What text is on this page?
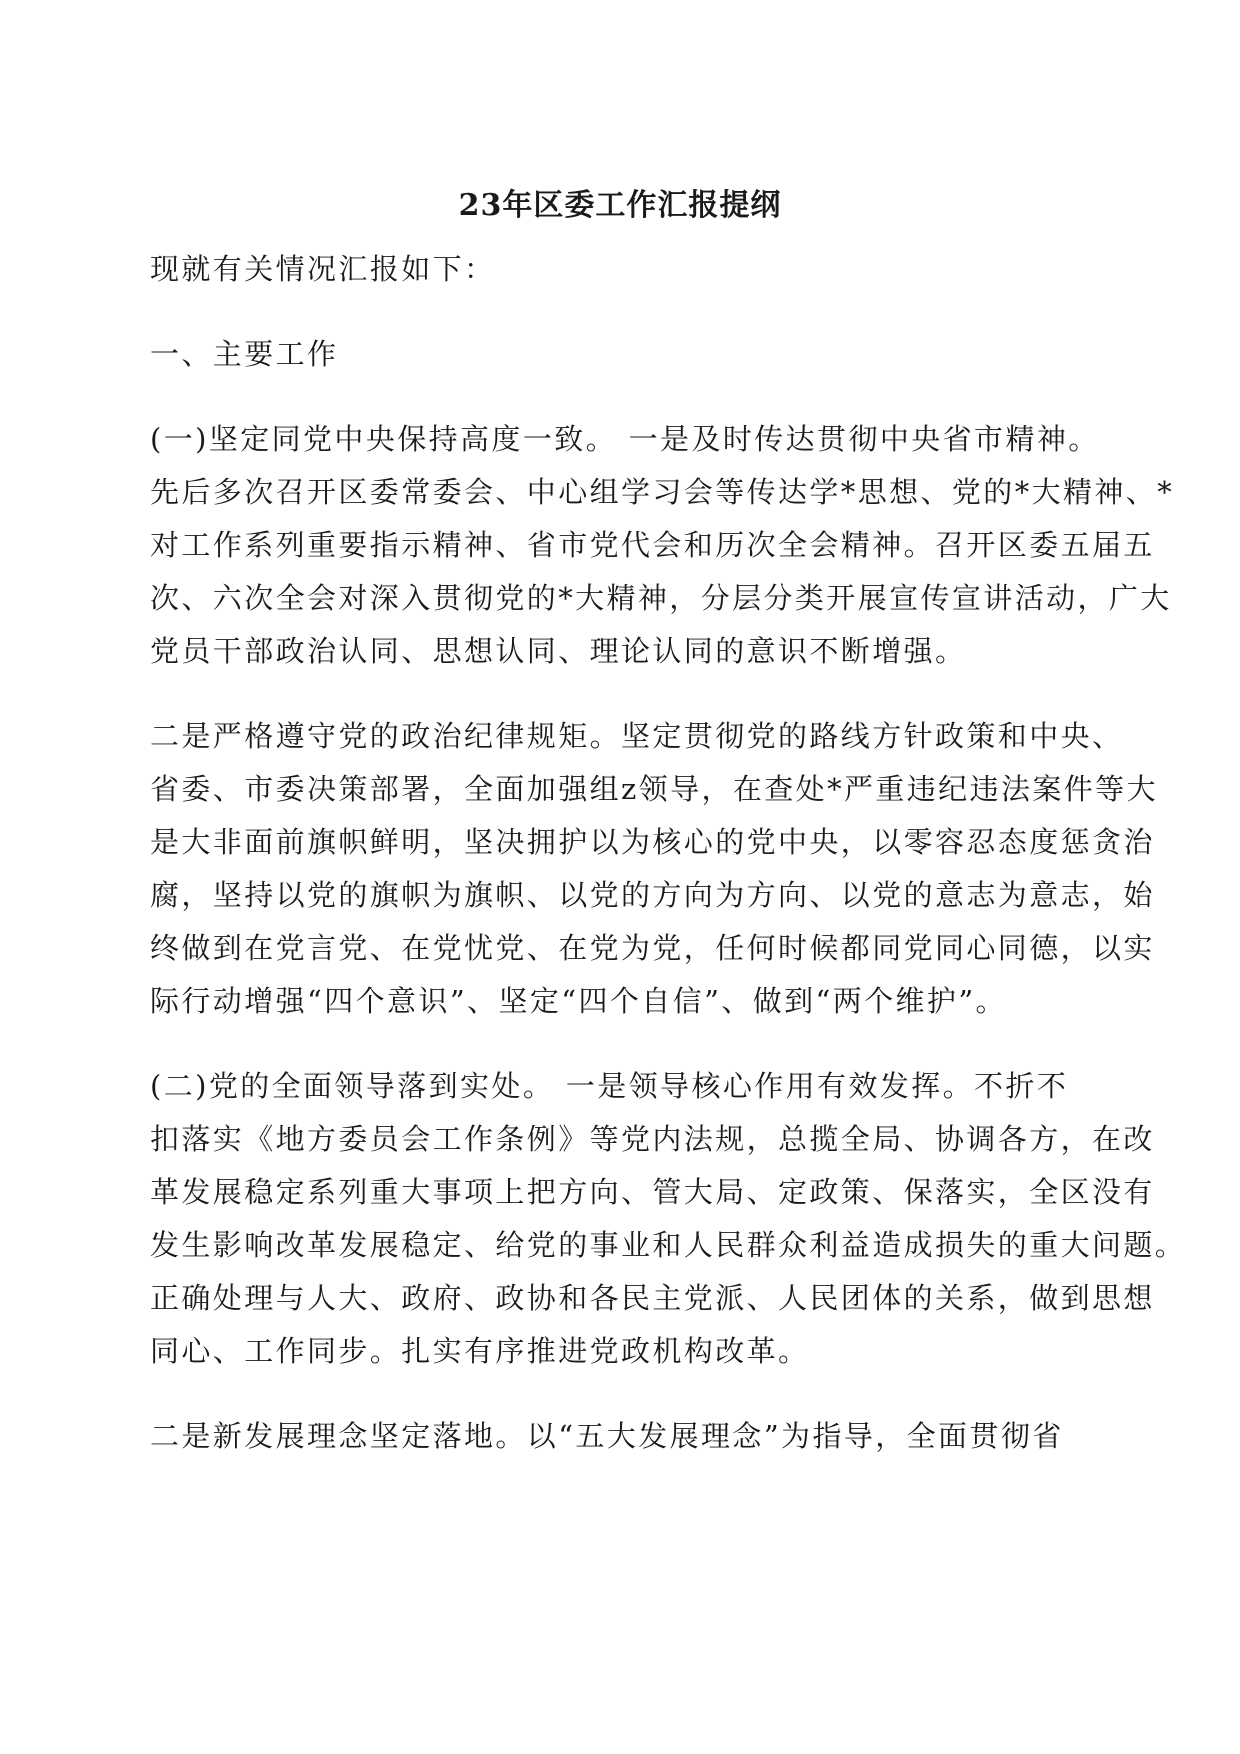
23年区委工作汇报提纲
现就有关情况汇报如下：
一、主要工作
(一)坚定同党中央保持高度一致。 一是及时传达贯彻中央省市精神。
先后多次召开区委常委会、中心组学习会等传达学*思想、党的*大精神、*
对工作系列重要指示精神、省市党代会和历次全会精神。召开区委五届五
次、六次全会对深入贯彻党的*大精神，分层分类开展宣传宣讲活动，广大
党员干部政治认同、思想认同、理论认同的意识不断增强。
二是严格遵守党的政治纪律规矩。坚定贯彻党的路线方针政策和中央、
省委、市委决策部署，全面加强组z领导，在查处*严重违纪违法案件等大
是大非面前旗帜鲜明，坚决拥护以为核心的党中央，以零容忍态度惩贪治
腐，坚持以党的旗帜为旗帜、以党的方向为方向、以党的意志为意志，始
终做到在党言党、在党忧党、在党为党，任何时候都同党同心同德，以实
际行动增强“四个意识”、坚定“四个自信”、做到“两个维护”。
(二)党的全面领导落到实处。 一是领导核心作用有效发挥。不折不
扣落实《地方委员会工作条例》等党内法规，总揽全局、协调各方，在改
革发展稳定系列重大事项上把方向、管大局、定政策、保落实，全区没有
发生影响改革发展稳定、给党的事业和人民群众利益造成损失的重大问题。
正确处理与人大、政府、政协和各民主党派、人民团体的关系，做到思想
同心、工作同步。扎实有序推进党政机构改革。
二是新发展理念坚定落地。以“五大发展理念”为指导，全面贯彻省
